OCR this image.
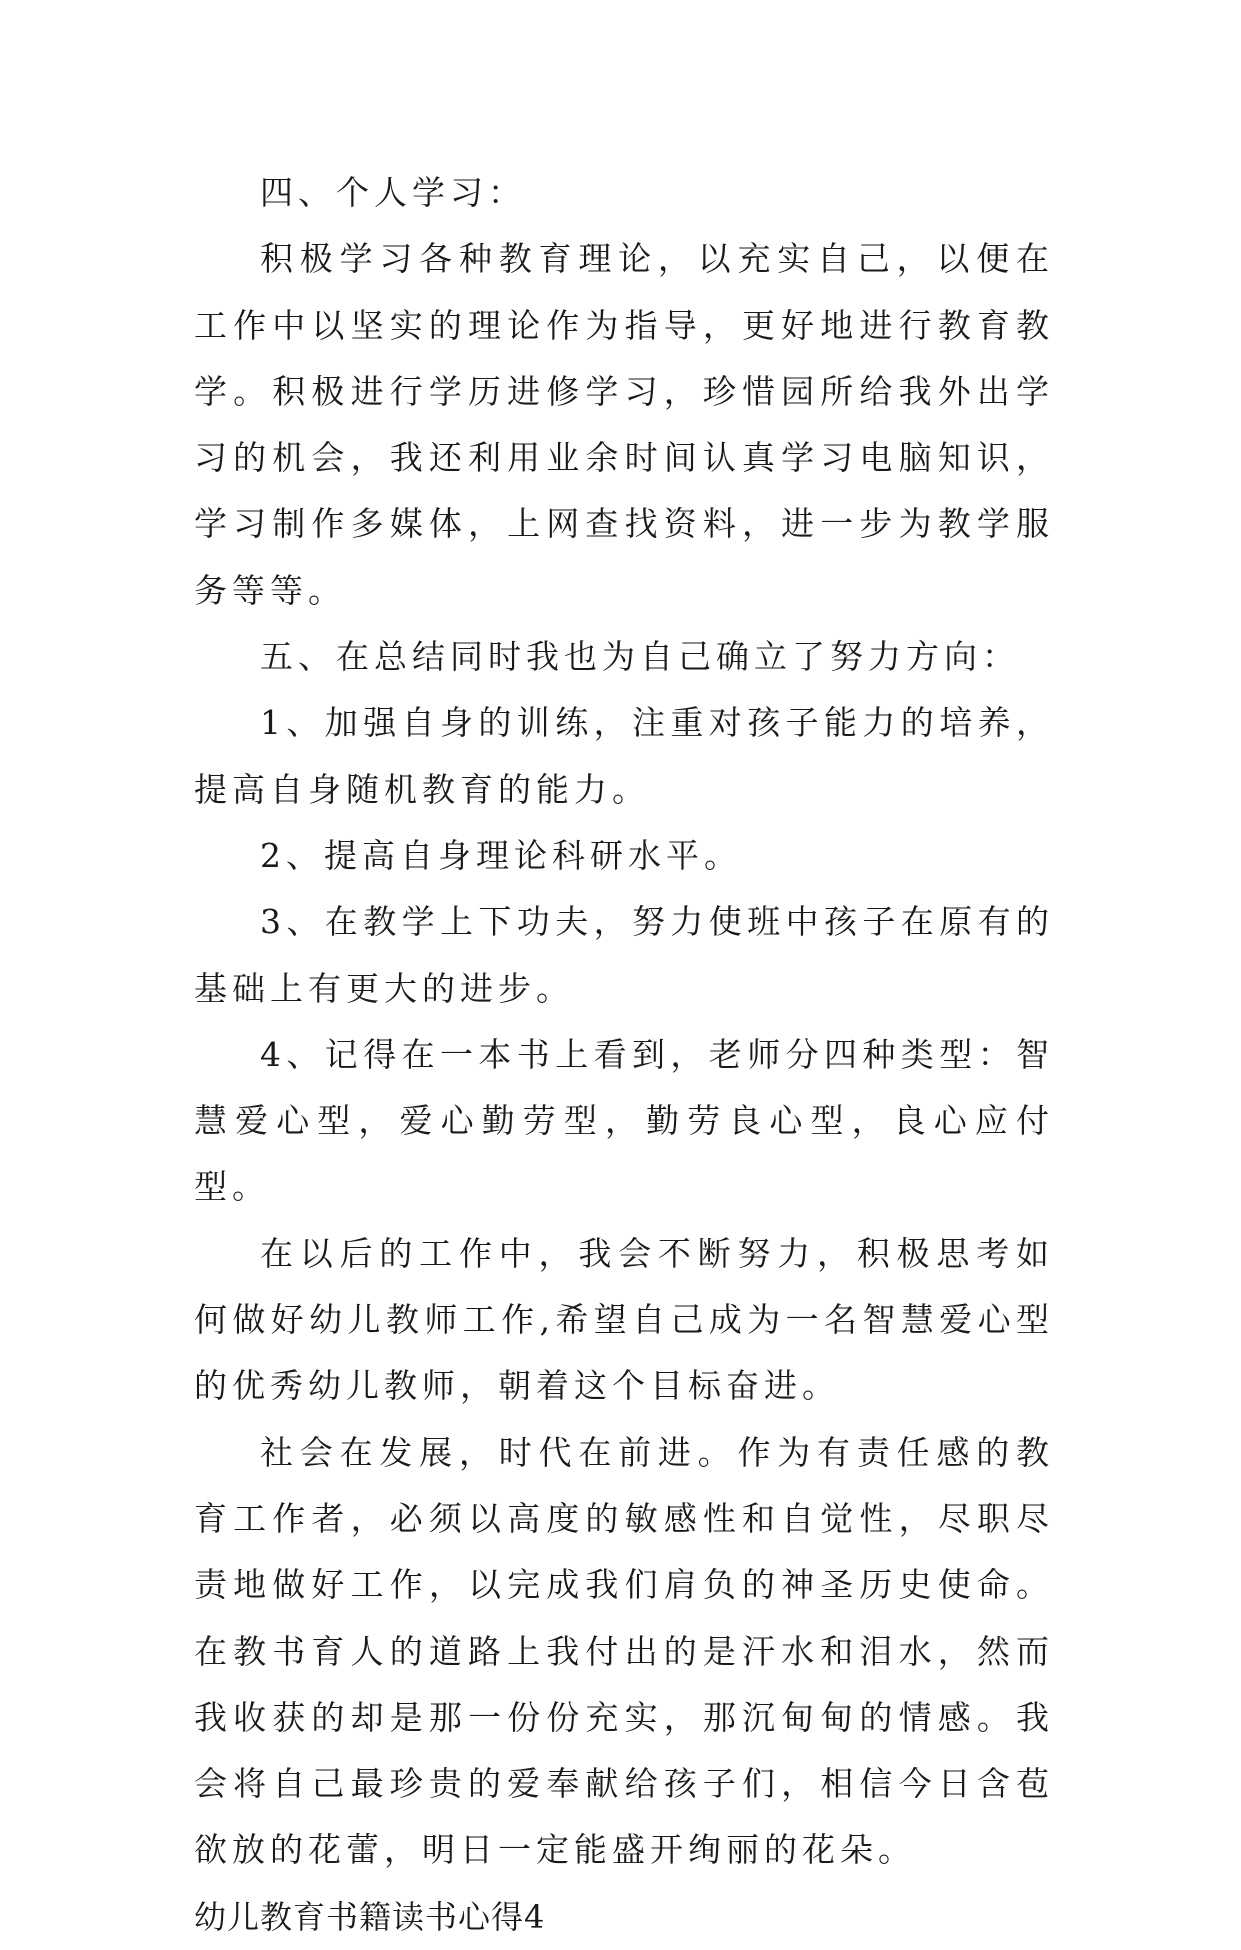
四、个人学习：

积极学习各种教育理论，以充实自己，以便在工作中以坚实的理论作为指导，更好地进行教育教学。积极进行学历进修学习，珍惜园所给我外出学习的机会，我还利用业余时间认真学习电脑知识，学习制作多媒体，上网查找资料，进一步为教学服务等等。

五、在总结同时我也为自己确立了努力方向：

1、加强自身的训练，注重对孩子能力的培养，提高自身随机教育的能力。

2、提高自身理论科研水平。

3、在教学上下功夫，努力使班中孩子在原有的基础上有更大的进步。

4、记得在一本书上看到，老师分四种类型：智慧爱心型，爱心勤劳型，勤劳良心型，良心应付型。

在以后的工作中，我会不断努力，积极思考如何做好幼儿教师工作,希望自己成为一名智慧爱心型的优秀幼儿教师，朝着这个目标奋进。

社会在发展，时代在前进。作为有责任感的教育工作者，必须以高度的敏感性和自觉性，尽职尽责地做好工作，以完成我们肩负的神圣历史使命。在教书育人的道路上我付出的是汗水和泪水，然而我收获的却是那一份份充实，那沉甸甸的情感。我会将自己最珍贵的爱奉献给孩子们，相信今日含苞欲放的花蕾，明日一定能盛开绚丽的花朵。

幼儿教育书籍读书心得4
